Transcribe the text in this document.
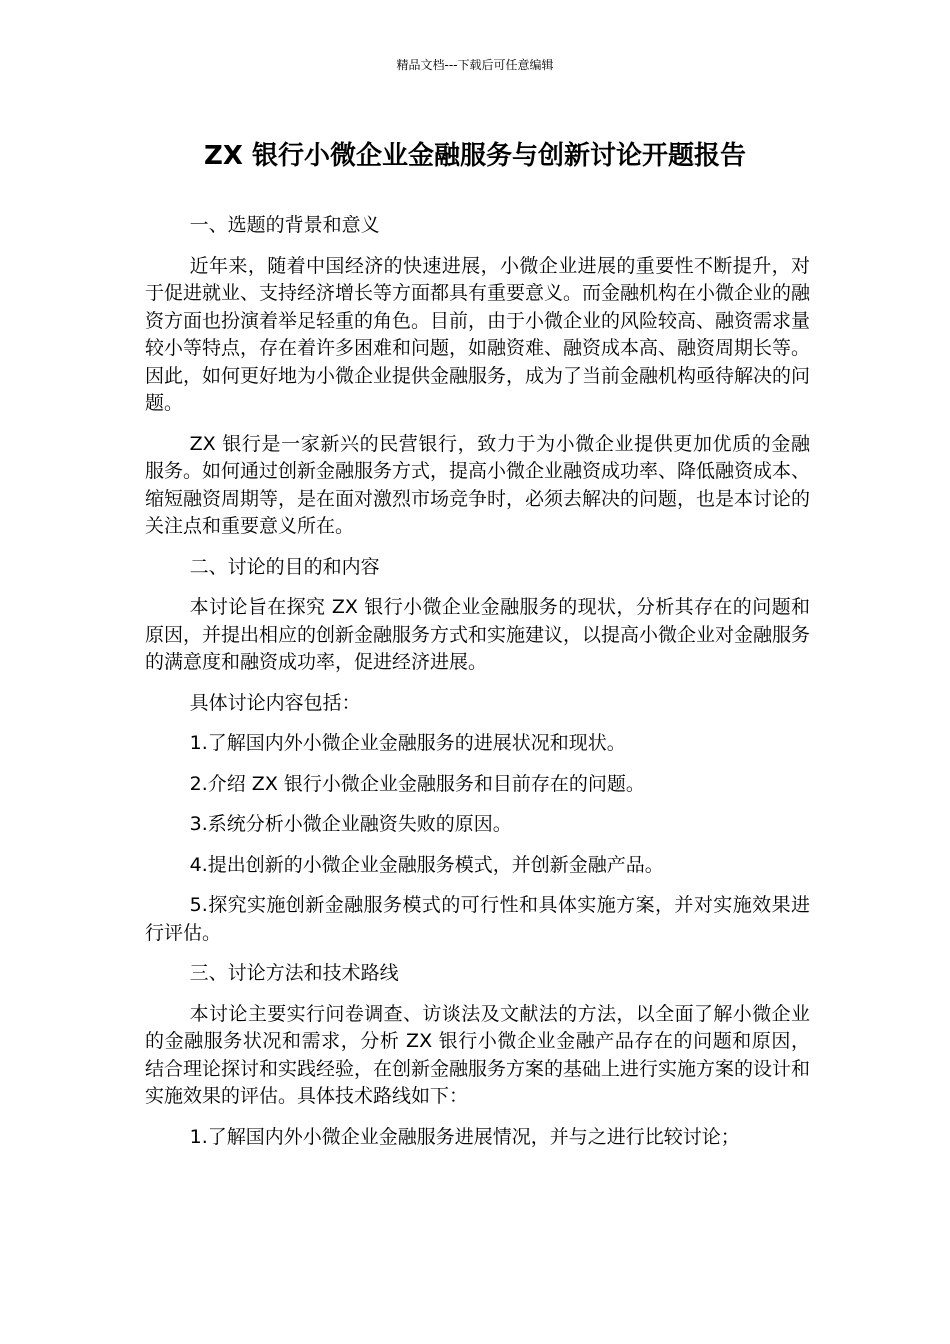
精品文档---下载后可任意编辑
ZX 银行小微企业金融服务与创新讨论开题报告

一、选题的背景和意义

近年来，随着中国经济的快速进展，小微企业进展的重要性不断提升，对于促进就业、支持经济增长等方面都具有重要意义。而金融机构在小微企业的融资方面也扮演着举足轻重的角色。目前，由于小微企业的风险较高、融资需求量较小等特点，存在着许多困难和问题，如融资难、融资成本高、融资周期长等。因此，如何更好地为小微企业提供金融服务，成为了当前金融机构亟待解决的问题。

ZX 银行是一家新兴的民营银行，致力于为小微企业提供更加优质的金融服务。如何通过创新金融服务方式，提高小微企业融资成功率、降低融资成本、缩短融资周期等，是在面对激烈市场竞争时，必须去解决的问题，也是本讨论的关注点和重要意义所在。

二、讨论的目的和内容

本讨论旨在探究 ZX 银行小微企业金融服务的现状，分析其存在的问题和原因，并提出相应的创新金融服务方式和实施建议，以提高小微企业对金融服务的满意度和融资成功率，促进经济进展。

具体讨论内容包括：

1.了解国内外小微企业金融服务的进展状况和现状。

2.介绍 ZX 银行小微企业金融服务和目前存在的问题。

3.系统分析小微企业融资失败的原因。

4.提出创新的小微企业金融服务模式，并创新金融产品。

5.探究实施创新金融服务模式的可行性和具体实施方案，并对实施效果进行评估。

三、讨论方法和技术路线

本讨论主要实行问卷调查、访谈法及文献法的方法，以全面了解小微企业的金融服务状况和需求，分析 ZX 银行小微企业金融产品存在的问题和原因，结合理论探讨和实践经验，在创新金融服务方案的基础上进行实施方案的设计和实施效果的评估。具体技术路线如下：

1.了解国内外小微企业金融服务进展情况，并与之进行比较讨论；
